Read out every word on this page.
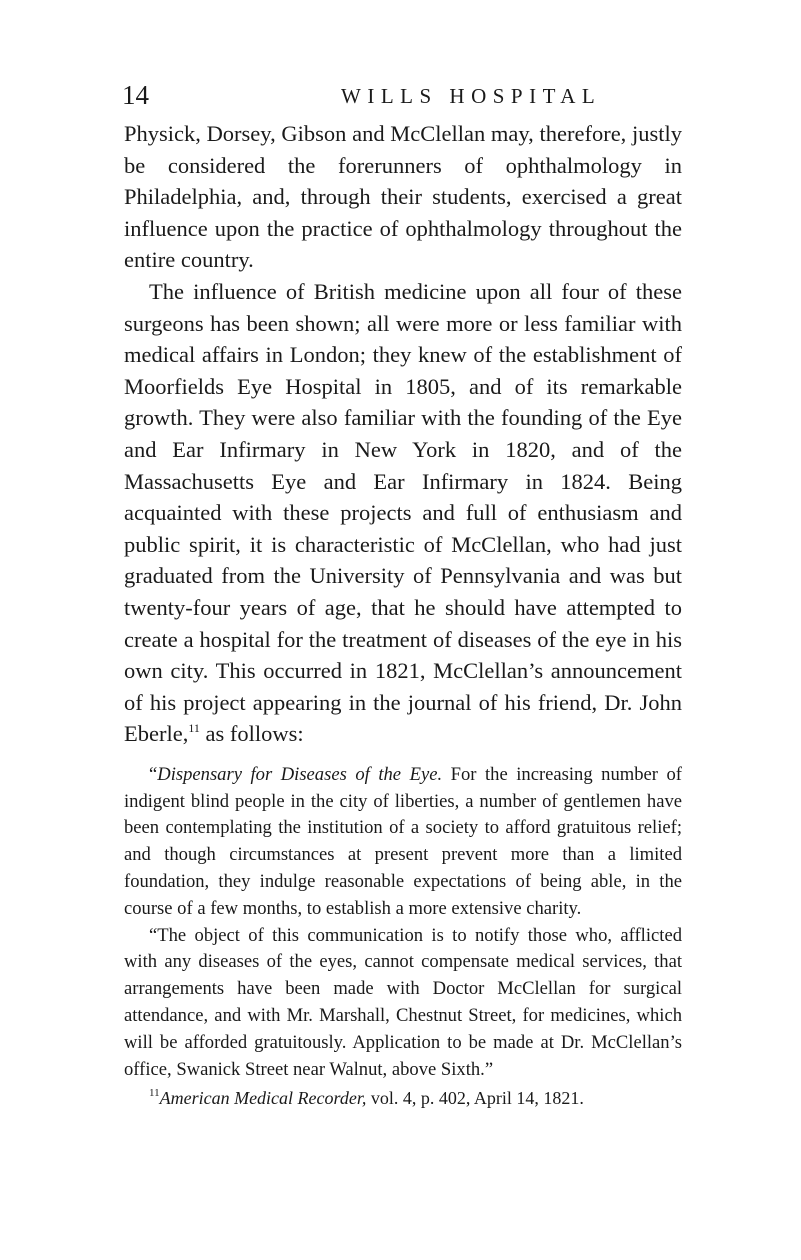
14	WILLS HOSPITAL

Physick, Dorsey, Gibson and McClellan may, therefore, justly be considered the forerunners of ophthalmology in Philadelphia, and, through their students, exercised a great influence upon the practice of ophthalmology throughout the entire country.

The influence of British medicine upon all four of these surgeons has been shown; all were more or less familiar with medical affairs in London; they knew of the establishment of Moorfields Eye Hospital in 1805, and of its remarkable growth. They were also familiar with the founding of the Eye and Ear Infirmary in New York in 1820, and of the Massachusetts Eye and Ear Infirmary in 1824. Being acquainted with these projects and full of enthusiasm and public spirit, it is characteristic of McClellan, who had just graduated from the University of Pennsylvania and was but twenty-four years of age, that he should have attempted to create a hospital for the treatment of diseases of the eye in his own city. This occurred in 1821, McClellan’s announcement of his project appearing in the journal of his friend, Dr. John Eberle,$^{11}$ as follows:

“Dispensary for Diseases of the Eye. For the increasing number of indigent blind people in the city of liberties, a number of gentlemen have been contemplating the institution of a society to afford gratuitous relief; and though circumstances at present prevent more than a limited foundation, they indulge reasonable expectations of being able, in the course of a few months, to establish a more extensive charity.

“The object of this communication is to notify those who, afflicted with any diseases of the eyes, cannot compensate medical services, that arrangements have been made with Doctor McClellan for surgical attendance, and with Mr. Marshall, Chestnut Street, for medicines, which will be afforded gratuitously. Application to be made at Dr. McClellan’s office, Swanick Street near Walnut, above Sixth.”

$^{11}$American Medical Recorder, vol. 4, p. 402, April 14, 1821.
